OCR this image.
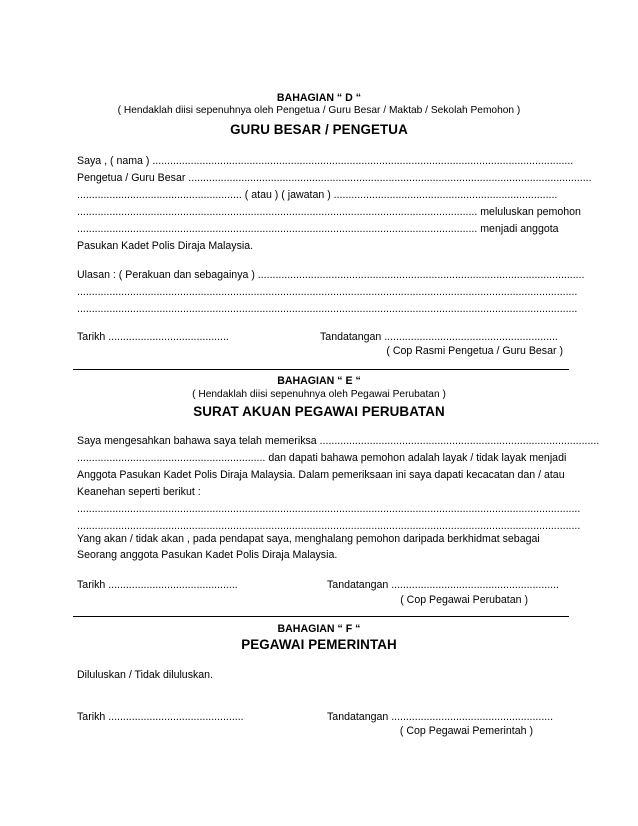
BAHAGIAN “ D “
( Hendaklah diisi sepenuhnya oleh Pengetua / Guru Besar / Maktab / Sekolah Pemohon )
GURU BESAR / PENGETUA
Saya , ( nama ) ...............................................................................................................................................
Pengetua / Guru Besar .........................................................................................................................................
........................................................ ( atau ) ( jawatan ) ............................................................................
........................................................................................................................................ meluluskan pemohon
........................................................................................................................................ menjadi anggota
Pasukan Kadet Polis Diraja Malaysia.
Ulasan : ( Perakuan dan sebagainya ) ...............................................................................................................
..........................................................................................................................................................................
..........................................................................................................................................................................
Tarikh .........................................	Tandatangan ...........................................................
( Cop Rasmi Pengetua / Guru Besar )
BAHAGIAN “ E “
( Hendaklah diisi sepenuhnya oleh Pegawai Perubatan )
SURAT AKUAN PEGAWAI PERUBATAN
Saya mengesahkan bahawa saya telah memeriksa ...............................................................................................
................................................................ dan dapati bahawa pemohon adalah layak / tidak layak menjadi
Anggota Pasukan Kadet Polis Diraja Malaysia. Dalam pemeriksaan ini saya dapati kecacatan dan / atau
Keanehan seperti berikut :
...........................................................................................................................................................................
...........................................................................................................................................................................
Yang akan / tidak akan , pada pendapat saya, menghalang pemohon daripada berkhidmat sebagai
Seorang anggota Pasukan Kadet Polis Diraja Malaysia.
Tarikh ............................................	Tandatangan .........................................................
( Cop Pegawai Perubatan )
BAHAGIAN “ F “
PEGAWAI PEMERINTAH
Diluluskan / Tidak diluluskan.
Tarikh ..............................................	Tandatangan .......................................................
( Cop Pegawai Pemerintah )
